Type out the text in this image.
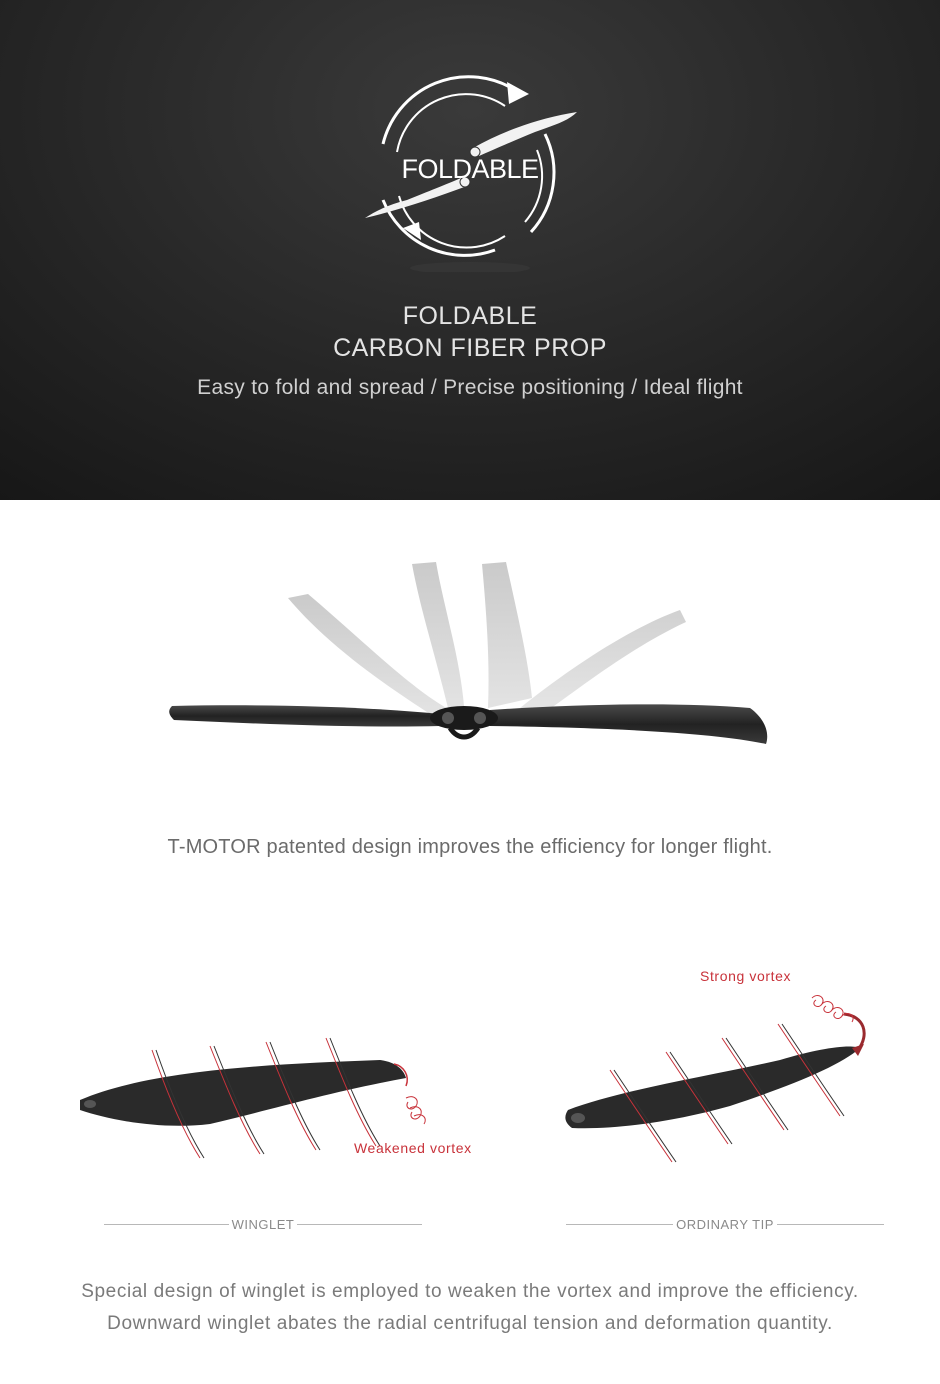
FOLDABLE
FOLDABLE
CARBON FIBER PROP
Easy to fold and spread / Precise positioning / Ideal flight
T-MOTOR patented design improves the efficiency for longer flight.
Weakened vortex
Strong vortex
WINGLET	ORDINARY TIP
Special design of winglet is employed to weaken the vortex and improve the efficiency.
Downward winglet abates the radial centrifugal tension and deformation quantity.
